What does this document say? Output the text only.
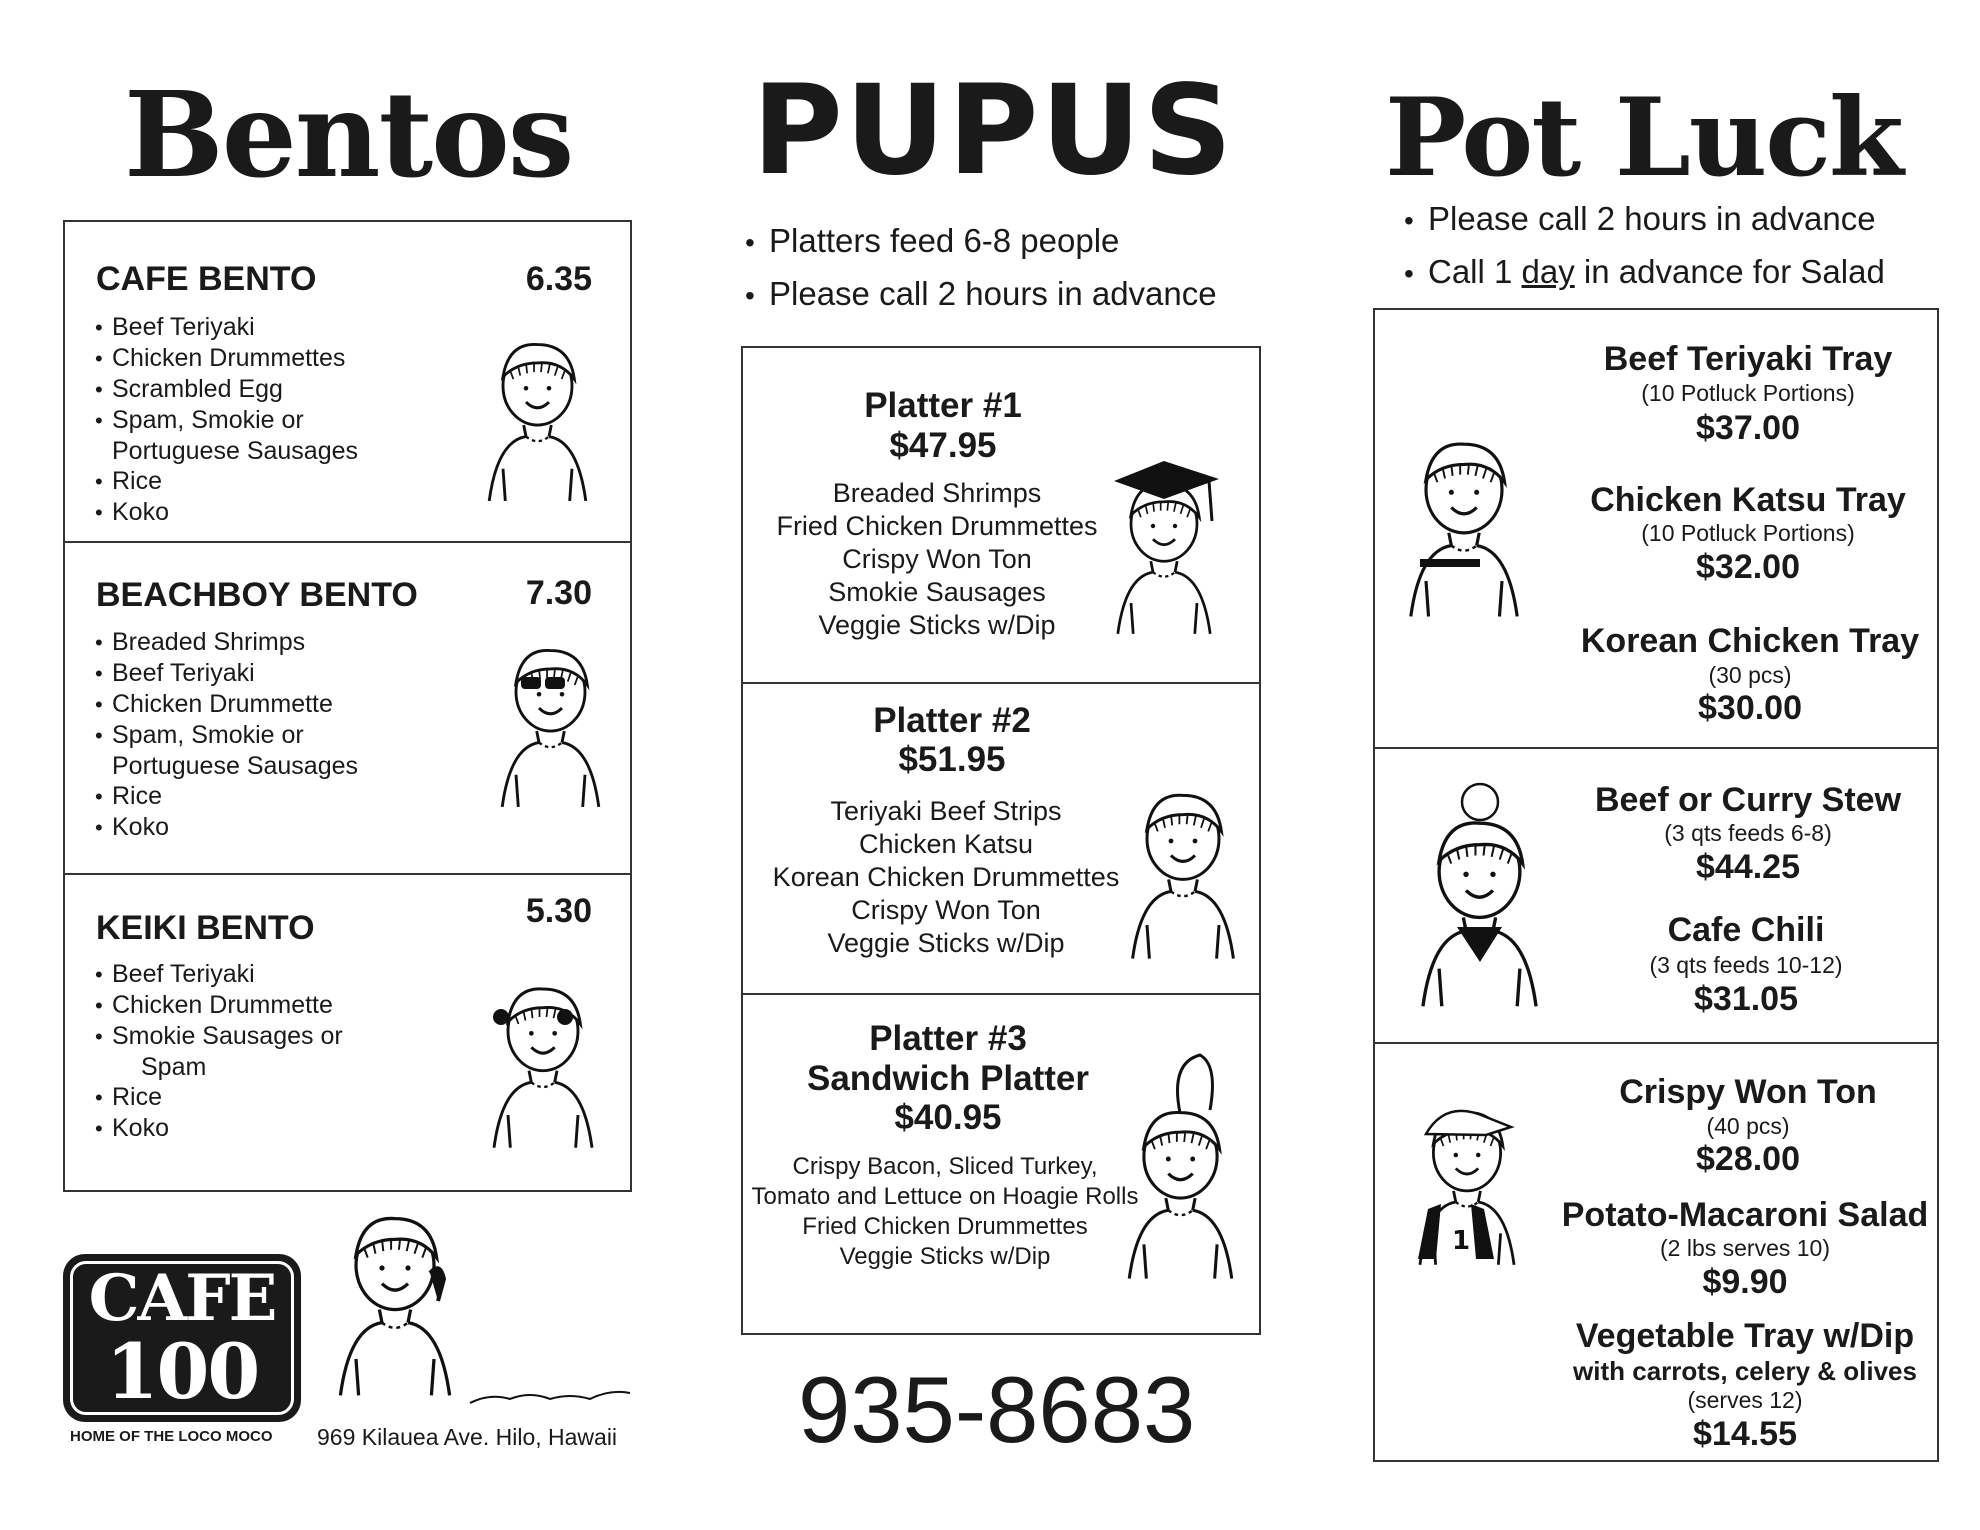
Bentos
CAFE BENTO	6.35
• Beef Teriyaki
• Chicken Drummettes
• Scrambled Egg
• Spam, Smokie or
Portuguese Sausages
• Rice
• Koko
BEACHBOY BENTO	7.30
• Breaded Shrimps
• Beef Teriyaki
• Chicken Drummette
• Spam, Smokie or
Portuguese Sausages
• Rice
• Koko
KEIKI BENTO	5.30
• Beef Teriyaki
• Chicken Drummette
• Smokie Sausages or
Spam
• Rice
• Koko
CAFE
100
HOME OF THE LOCO MOCO 969 Kilauea Ave. Hilo, Hawaii
PUPUS
• Platters feed 6-8 people
• Please call 2 hours in advance
Platter #1
$47.95
Breaded Shrimps
Fried Chicken Drummettes
Crispy Won Ton
Smokie Sausages
Veggie Sticks w/Dip
Platter #2
$51.95
Teriyaki Beef Strips
Chicken Katsu
Korean Chicken Drummettes
Crispy Won Ton
Veggie Sticks w/Dip
Platter #3
Sandwich Platter
$40.95
Crispy Bacon, Sliced Turkey,
Tomato and Lettuce on Hoagie Rolls
Fried Chicken Drummettes
Veggie Sticks w/Dip
935-8683
Pot Luck
• Please call 2 hours in advance
• Call 1 day in advance for Salad
Beef Teriyaki Tray
(10 Potluck Portions)
$37.00
Chicken Katsu Tray
(10 Potluck Portions)
$32.00
Korean Chicken Tray
(30 pcs)
$30.00
Beef or Curry Stew
(3 qts feeds 6-8)
$44.25
Cafe Chili
(3 qts feeds 10-12)
$31.05
Crispy Won Ton
(40 pcs)
$28.00
Potato-Macaroni Salad
(2 lbs serves 10)
$9.90
Vegetable Tray w/Dip
with carrots, celery & olives
(serves 12)
$14.55
1
